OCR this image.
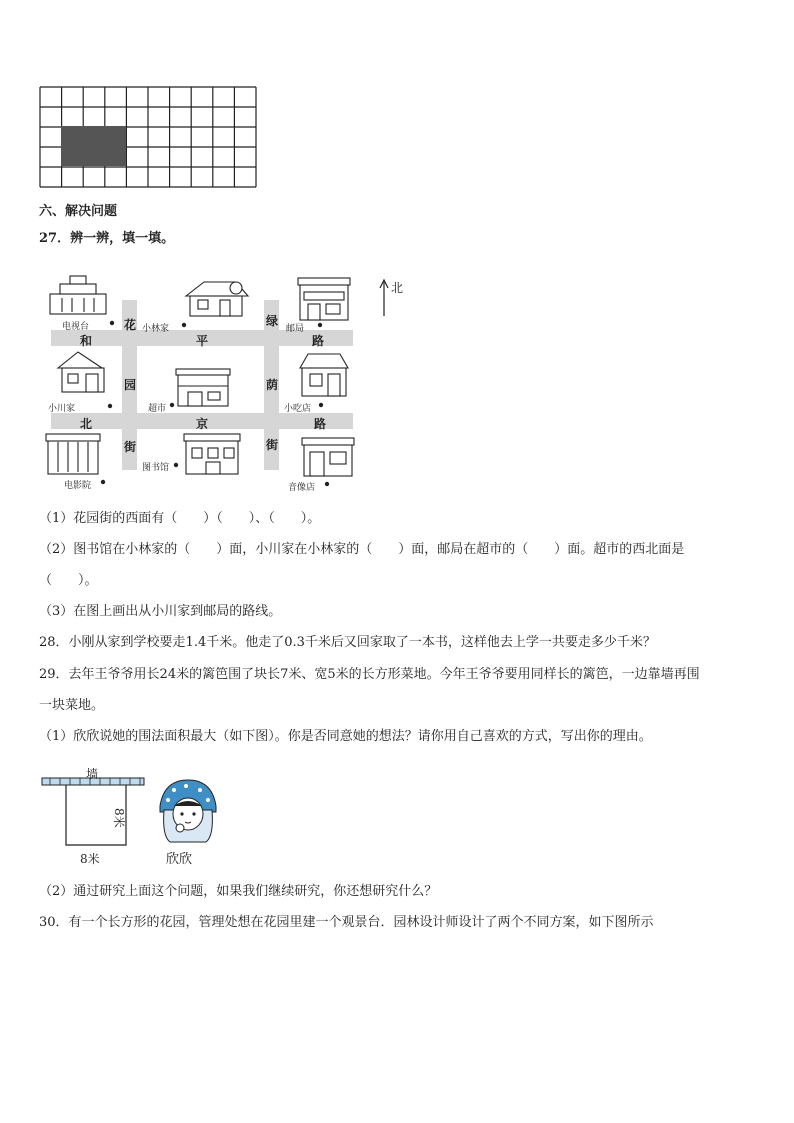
六、解决问题
27．辨一辨，填一填。
北
电视台	小林家	邮局
小川家	超市	小吃店
电影院
图书馆
音像店
花
园
街
绿
荫
街
和	平	路
北	京	路
（1）花园街的西面有（　　）（　　）、（　　）。
（2）图书馆在小林家的（　　）面，小川家在小林家的（　　）面，邮局在超市的（　　）面。超市的西北面是
（　　）。
（3）在图上画出从小川家到邮局的路线。
28．小刚从家到学校要走1.4千米。他走了0.3千米后又回家取了一本书，这样他去上学一共要走多少千米？
29．去年王爷爷用长24米的篱笆围了块长7米、宽5米的长方形菜地。今年王爷爷要用同样长的篱笆，一边靠墙再围
一块菜地。
（1）欣欣说她的围法面积最大（如下图）。你是否同意她的想法？请你用自己喜欢的方式，写出你的理由。
墙
8米
8米	欣欣
（2）通过研究上面这个问题，如果我们继续研究，你还想研究什么？
30．有一个长方形的花园，管理处想在花园里建一个观景台．园林设计师设计了两个不同方案，如下图所示
